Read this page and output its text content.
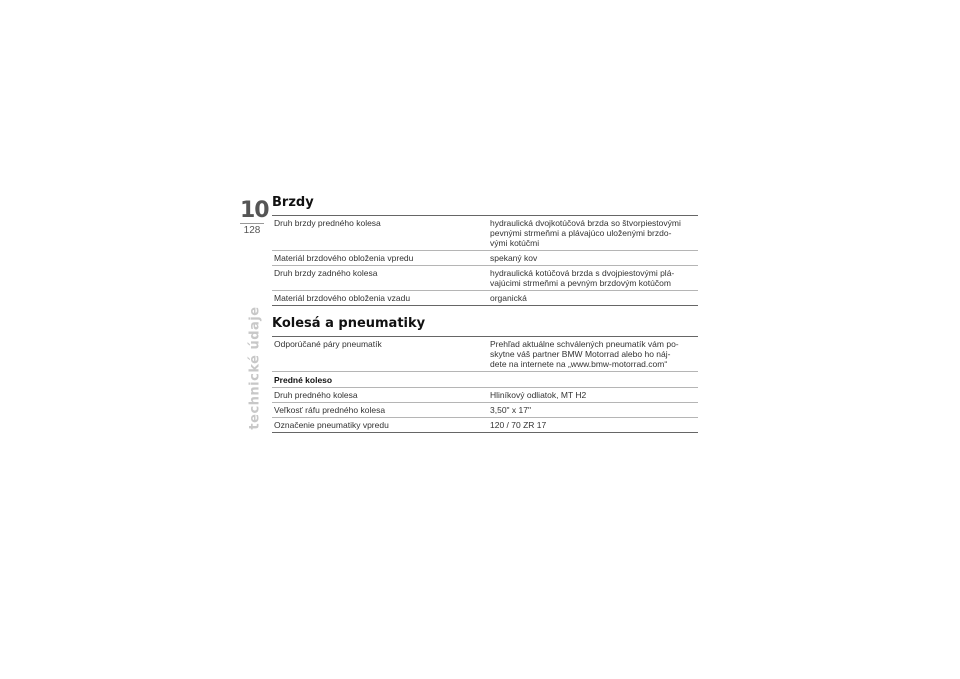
10
128
technické údaje
Brzdy
Druh brzdy predného kolesa	hydraulická dvojkotúčová brzda so štvorpiestovými
pevnými strmeňmi a plávajúco uloženými brzdo-
vými kotúčmi

Materiál brzdového obloženia vpredu	spekaný kov

Druh brzdy zadného kolesa	hydraulická kotúčová brzda s dvojpiestovými plá-
vajúcimi strmeňmi a pevným brzdovým kotúčom

Materiál brzdového obloženia vzadu	organická
Kolesá a pneumatiky
Odporúčané páry pneumatík	Prehľad aktuálne schválených pneumatík vám po-
skytne váš partner BMW Motorrad alebo ho náj-
dete na internete na „www.bmw-motorrad.com“

Predné koleso	
Druh predného kolesa	Hliníkový odliatok, MT H2

Veľkosť ráfu predného kolesa	3,50" x 17"

Označenie pneumatiky vpredu	120 / 70 ZR 17
